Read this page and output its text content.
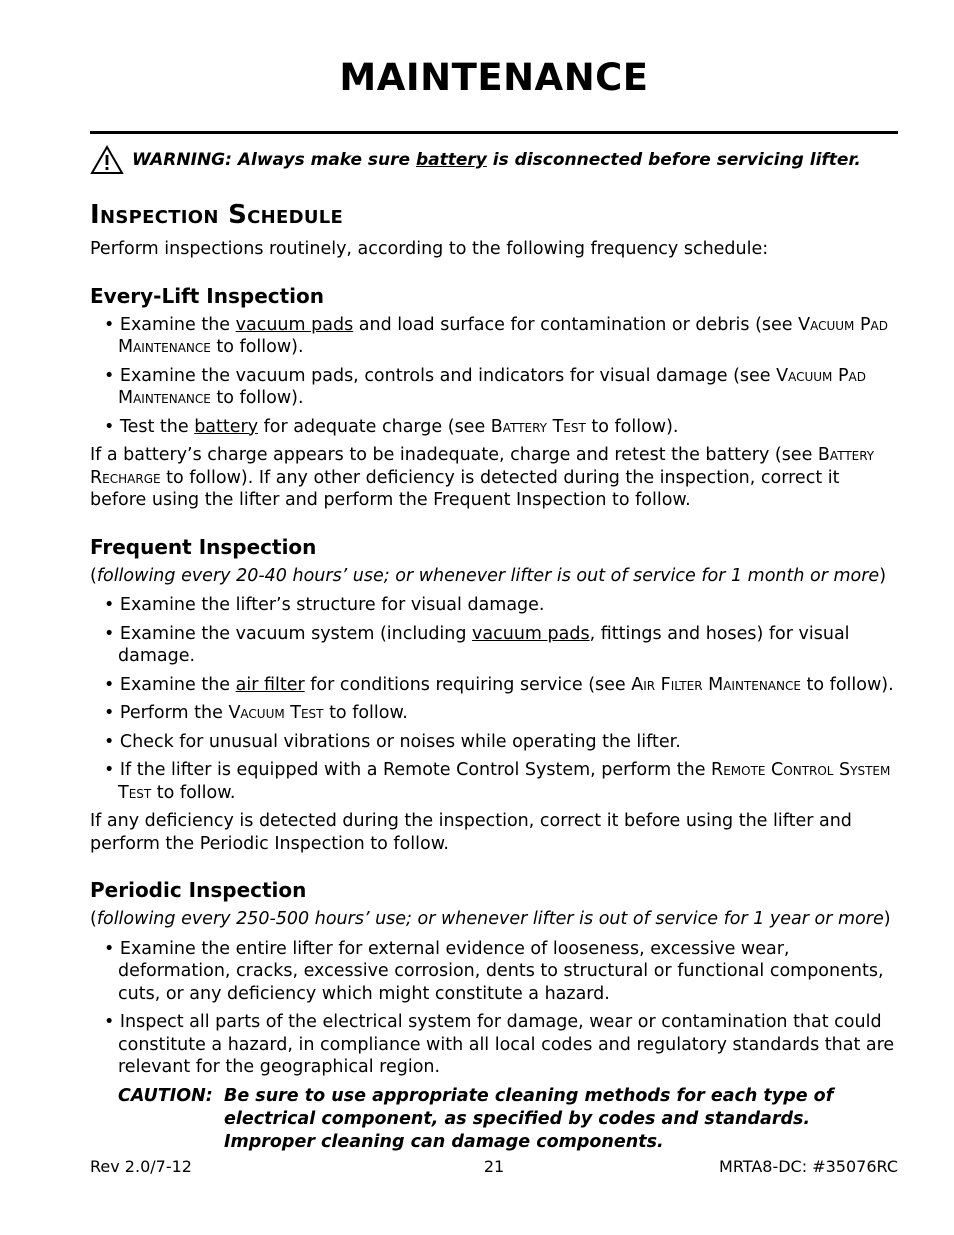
MAINTENANCE
WARNING: Always make sure battery is disconnected before servicing lifter.
Inspection Schedule

Perform inspections routinely, according to the following frequency schedule:

Every-Lift Inspection
• Examine the vacuum pads and load surface for contamination or debris (see Vacuum Pad Maintenance to follow).
• Examine the vacuum pads, controls and indicators for visual damage (see Vacuum Pad Maintenance to follow).
• Test the battery for adequate charge (see Battery Test to follow).

If a battery’s charge appears to be inadequate, charge and retest the battery (see Battery Recharge to follow). If any other deficiency is detected during the inspection, correct it before using the lifter and perform the Frequent Inspection to follow.

Frequent Inspection

(following every 20-40 hours’ use; or whenever lifter is out of service for 1 month or more)

• Examine the lifter’s structure for visual damage.
• Examine the vacuum system (including vacuum pads, fittings and hoses) for visual damage.
• Examine the air filter for conditions requiring service (see Air Filter Maintenance to follow).
• Perform the Vacuum Test to follow.
• Check for unusual vibrations or noises while operating the lifter.
• If the lifter is equipped with a Remote Control System, perform the Remote Control System Test to follow.

If any deficiency is detected during the inspection, correct it before using the lifter and perform the Periodic Inspection to follow.

Periodic Inspection

(following every 250-500 hours’ use; or whenever lifter is out of service for 1 year or more)

• Examine the entire lifter for external evidence of looseness, excessive wear, deformation, cracks, excessive corrosion, dents to structural or functional components, cuts, or any deficiency which might constitute a hazard.
• Inspect all parts of the electrical system for damage, wear or contamination that could constitute a hazard, in compliance with all local codes and regulatory standards that are relevant for the geographical region.
CAUTION: Be sure to use appropriate cleaning methods for each type of electrical component, as specified by codes and standards. Improper cleaning can damage components.
Rev 2.0/7-12	21	MRTA8-DC: #35076RC
